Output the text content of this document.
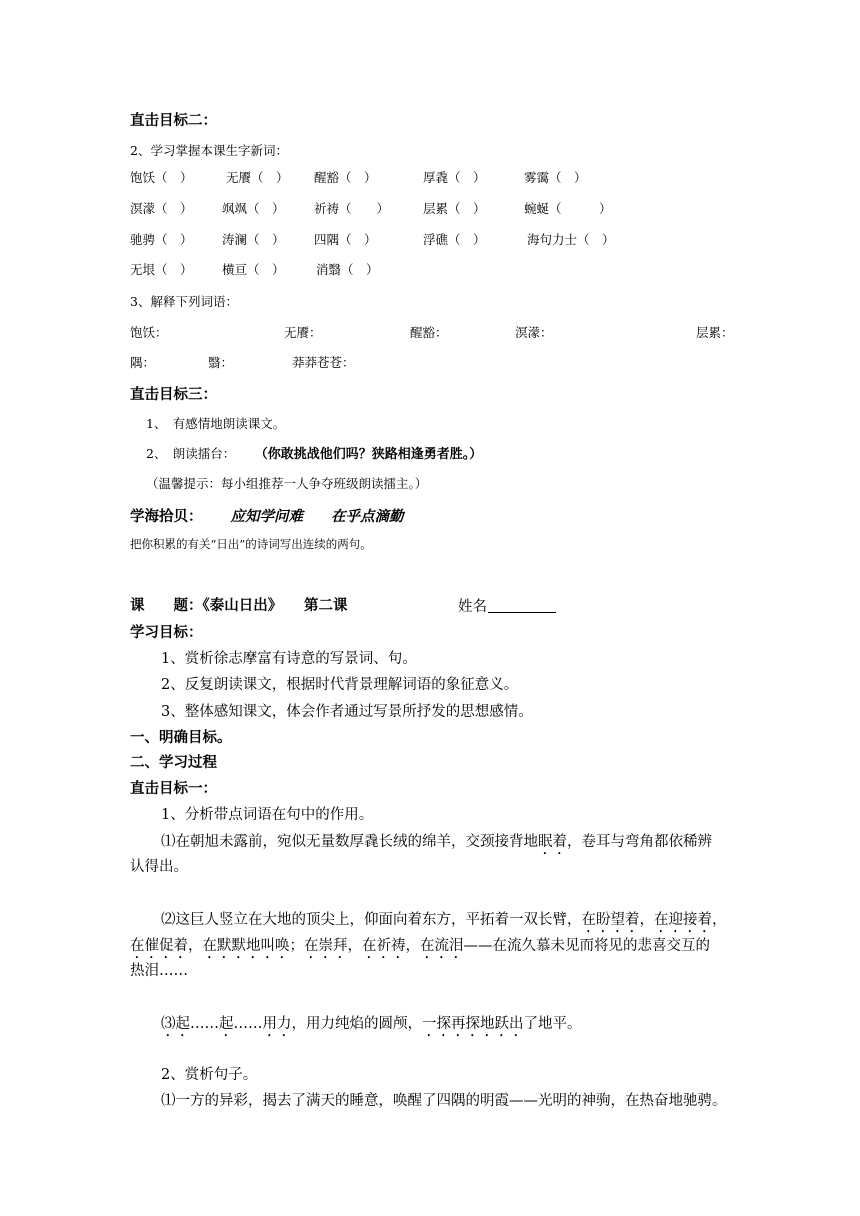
直击目标二：
2、学习掌握本课生字新词：
饱饫（　）	无餍（　） 醒豁（　）	厚毳（　）	雾霭（　）
溟濛（　） 飒飒（　） 祈祷（　　）	层累（　）	蜿蜒（　　　）
驰骋（　） 涛澜（　） 四隅（　）	浮礁（　）	海句力士（　）
无垠（　） 横亘（　）	消翳（　）
3、解释下列词语：
饱饫：	无餍：	醒豁：	溟濛：	层累：
隅：	翳：	莽莽苍苍：
直击目标三：
1、　有感情地朗读课文。
2、　朗读擂台： （你敢挑战他们吗？狭路相逢勇者胜。）
（温馨提示：每小组推荐一人争夺班级朗读擂主。）
学海拾贝： 应知学问难 在乎点滴勤
把你积累的有关“日出”的诗词写出连续的两句。
课　　题：《泰山日出》　　第二课	姓名
学习目标：
1、赏析徐志摩富有诗意的写景词、句。
2、反复朗读课文，根据时代背景理解词语的象征意义。
3、整体感知课文，体会作者通过写景所抒发的思想感情。
一、明确目标。
二、学习过程
直击目标一：
1、分析带点词语在句中的作用。
⑴在朝旭未露前，宛似无量数厚毳长绒的绵羊，交颈接背地眠着，卷耳与弯角都依稀辨
认得出。
⑵这巨人竖立在大地的顶尖上，仰面向着东方，平拓着一双长臂，在盼望着，在迎接着，
在催促着，在默默地叫唤；在崇拜，在祈祷，在流泪——在流久慕未见而将见的悲喜交互的
热泪……
⑶起……起……用力，用力纯焰的圆颅，一探再探地跃出了地平。
2、赏析句子。
⑴一方的异彩，揭去了满天的睡意，唤醒了四隅的明霞——光明的神驹，在热奋地驰骋。
